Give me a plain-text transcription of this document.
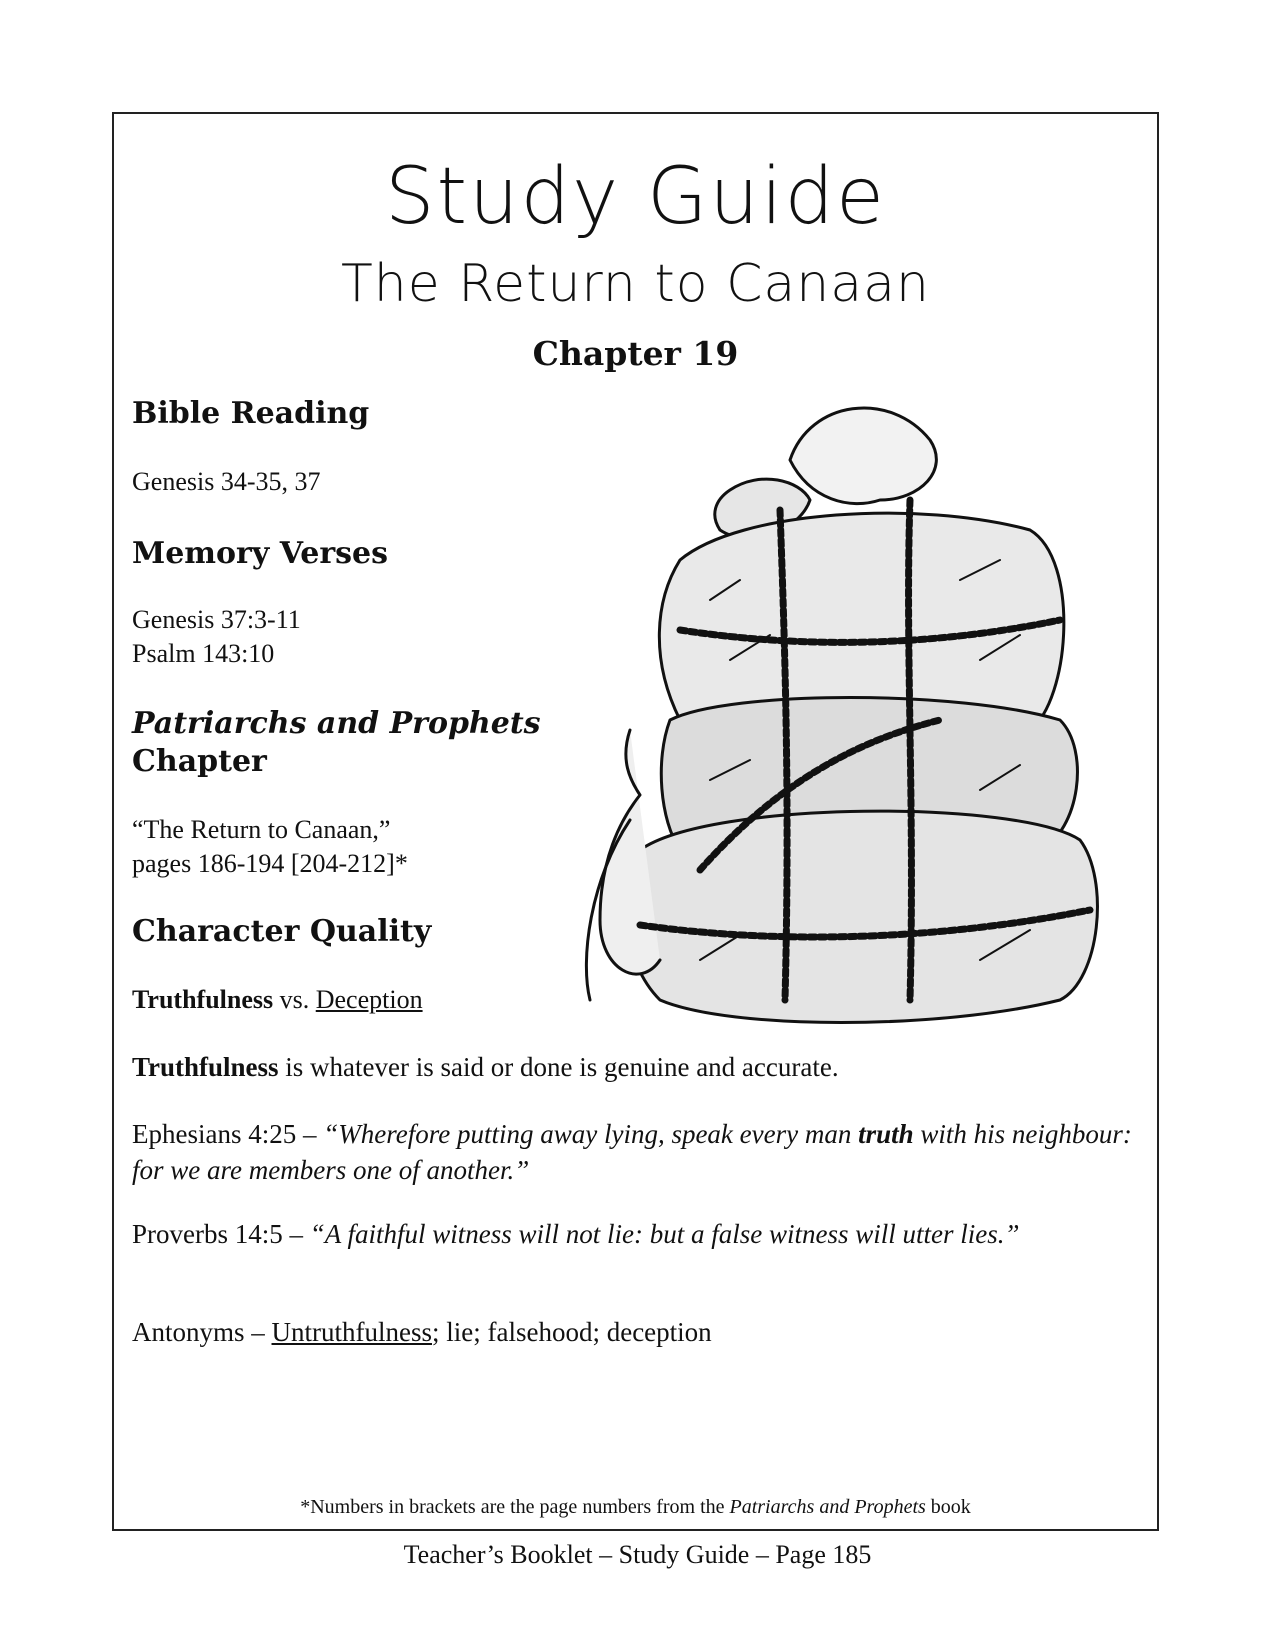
Study Guide
The Return to Canaan
Chapter 19

Bible Reading

Genesis 34-35, 37

Memory Verses

Genesis 37:3-11

Psalm 143:10

Patriarchs and Prophets

Chapter

“The Return to Canaan,”

pages 186-194 [204-212]*

Character Quality

Truthfulness vs. Deception

Truthfulness is whatever is said or done is genuine and accurate.

Ephesians 4:25 – “Wherefore putting away lying, speak every man truth with his neighbour: for we are members one of another.”

Proverbs 14:5 – “A faithful witness will not lie: but a false witness will utter lies.”

Antonyms – Untruthfulness; lie; falsehood; deception

*Numbers in brackets are the page numbers from the Patriarchs and Prophets book
Teacher’s Booklet – Study Guide – Page 185
